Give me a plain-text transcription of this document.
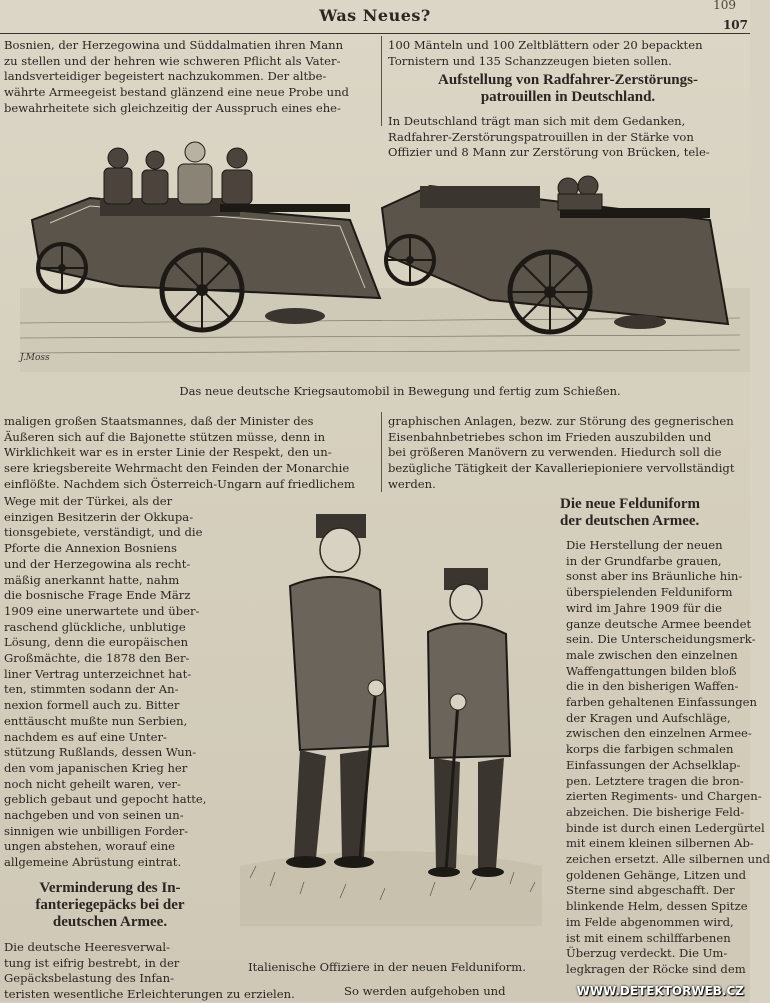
Was Neues?
109
107

Bosnien, der Herzegowina und Süddalmatien ihren Mann
zu stellen und der hehren wie schweren Pflicht als Vater-
landsverteidiger begeistert nachzukommen. Der altbe-
währte Armeegeist bestand glänzend eine neue Probe und
bewahrheitete sich gleichzeitig der Ausspruch eines ehe-

100 Mänteln und 100 Zeltblättern oder 20 bepackten
Tornistern und 135 Schanzzeugen bieten sollen.

Aufstellung von Radfahrer-Zerstörungs-
patrouillen in Deutschland.

In Deutschland trägt man sich mit dem Gedanken,
Radfahrer-Zerstörungspatrouillen in der Stärke von
Offizier und 8 Mann zur Zerstörung von Brücken, tele-

J.Moss
Das neue deutsche Kriegsautomobil in Bewegung und fertig zum Schießen.

maligen großen Staatsmannes, daß der Minister des
Äußeren sich auf die Bajonette stützen müsse, denn in
Wirklichkeit war es in erster Linie der Respekt, den un-
sere kriegsbereite Wehrmacht den Feinden der Monarchie
einflößte. Nachdem sich Österreich-Ungarn auf friedlichem

graphischen Anlagen, bezw. zur Störung des gegnerischen
Eisenbahnbetriebes schon im Frieden auszubilden und
bei größeren Manövern zu verwenden. Hiedurch soll die
bezügliche Tätigkeit der Kavalleriepioniere vervollständigt
werden.

Wege mit der Türkei, als der
einzigen Besitzerin der Okkupa-
tionsgebiete, verständigt, und die
Pforte die Annexion Bosniens
und der Herzegowina als recht-
mäßig anerkannt hatte, nahm
die bosnische Frage Ende März
1909 eine unerwartete und über-
raschend glückliche, unblutige
Lösung, denn die europäischen
Großmächte, die 1878 den Ber-
liner Vertrag unterzeichnet hat-
ten, stimmten sodann der An-
nexion formell auch zu. Bitter
enttäuscht mußte nun Serbien,
nachdem es auf eine Unter-
stützung Rußlands, dessen Wun-
den vom japanischen Krieg her
noch nicht geheilt waren, ver-
geblich gebaut und gepocht hatte,
nachgeben und von seinen un-
sinnigen wie unbilligen Forder-
ungen abstehen, worauf eine
allgemeine Abrüstung eintrat.

Verminderung des In-
fanteriegepäcks bei der
deutschen Armee.

Die deutsche Heeresverwal-
tung ist eifrig bestrebt, in der
Gepäcksbelastung des Infan-
teristen wesentliche Erleichterungen zu erzielen.

Italienische Offiziere in der neuen Felduniform.
Die neue Felduniform
der deutschen Armee.

Die Herstellung der neuen
in der Grundfarbe grauen,
sonst aber ins Bräunliche hin-
überspielenden Felduniform
wird im Jahre 1909 für die
ganze deutsche Armee beendet
sein. Die Unterscheidungsmerk-
male zwischen den einzelnen
Waffengattungen bilden bloß
die in den bisherigen Waffen-
farben gehaltenen Einfassungen
der Kragen und Aufschläge,
zwischen den einzelnen Armee-
korps die farbigen schmalen
Einfassungen der Achselklap-
pen. Letztere tragen die bron-
zierten Regiments- und Chargen-
abzeichen. Die bisherige Feld-
binde ist durch einen Ledergürtel
mit einem kleinen silbernen Ab-
zeichen ersetzt. Alle silbernen und
goldenen Gehänge, Litzen und
Sterne sind abgeschafft. Der
blinkende Helm, dessen Spitze
im Felde abgenommen wird,
ist mit einem schilffarbenen
Überzug verdeckt. Die Um-
legkragen der Röcke sind dem

So werden aufgehoben und	WWW.DETEKTORWEB.CZ
